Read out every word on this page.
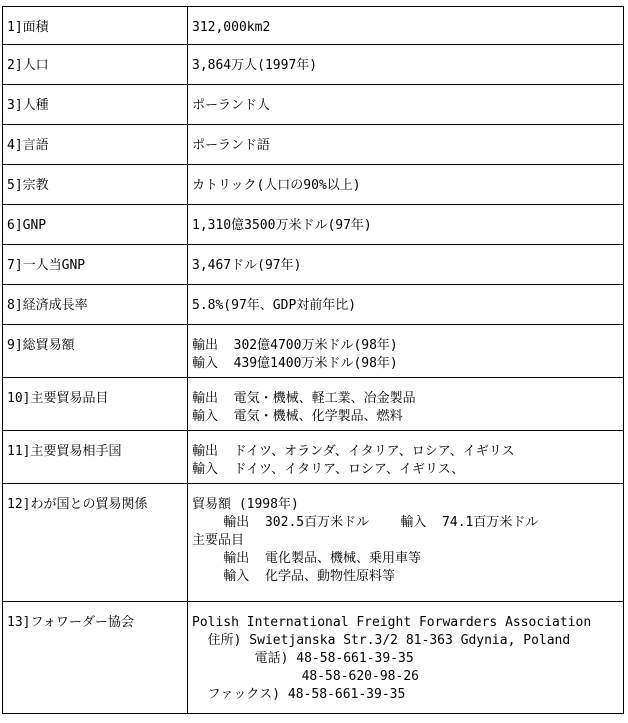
1]面積	312,000km2

2]人口	3,864万人(1997年)

3]人種	ポーランド人

4]言語	ポーランド語

5]宗教	カトリック(人口の90%以上)

6]GNP	1,310億3500万米ドル(97年)

7]一人当GNP	3,467ドル(97年)

8]経済成長率	5.8%(97年、GDP対前年比)

9]総貿易額	輸出  302億4700万米ドル(98年)
輸入  439億1400万米ドル(98年)

10]主要貿易品目	輸出  電気・機械、軽工業、冶金製品
輸入  電気・機械、化学製品、燃料

11]主要貿易相手国	輸出  ドイツ、オランダ、イタリア、ロシア、イギリス
輸入  ドイツ、イタリア、ロシア、イギリス、

12]わが国との貿易関係	貿易額 (1998年)
輸出  302.5百万米ドル    輸入  74.1百万米ドル
主要品目
輸出  電化製品、機械、乗用車等
輸入  化学品、動物性原料等

13]フォワーダー協会	Polish International Freight Forwarders Association
住所) Swietjanska Str.3/2 81-363 Gdynia, Poland
電話) 48-58-661-39-35
48-58-620-98-26
ファックス) 48-58-661-39-35
